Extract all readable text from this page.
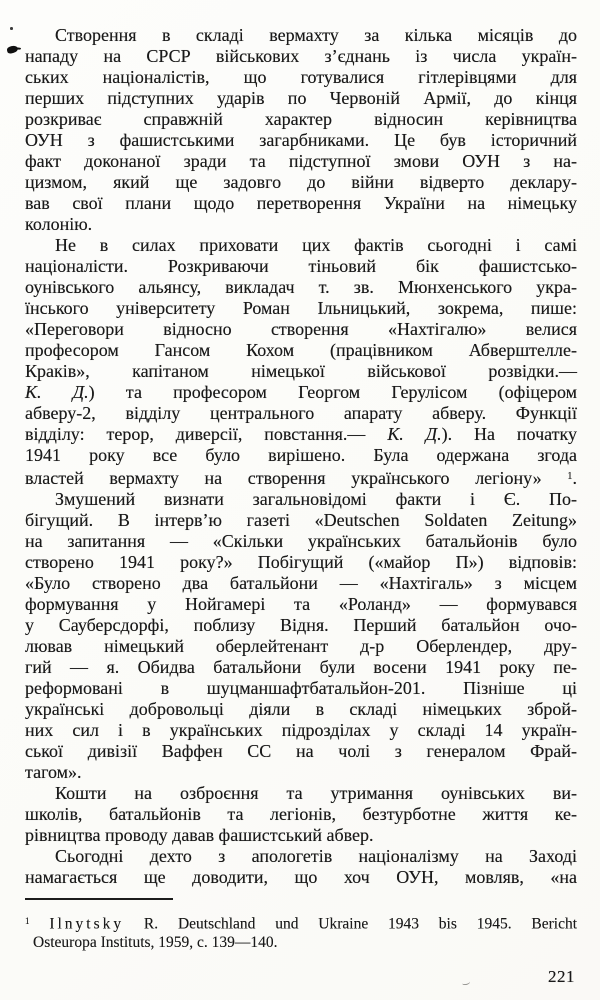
Створення в складі вермахту за кілька місяців до
нападу на СРСР військових з’єднань із числа україн-
ських націоналістів, що готувалися гітлерівцями для
перших підступних ударів по Червоній Армії, до кінця
розкриває справжній характер відносин керівництва
ОУН з фашистськими загарбниками. Це був історичний
факт доконаної зради та підступної змови ОУН з на-
цизмом, який ще задовго до війни відверто деклару-
вав свої плани щодо перетворення України на німецьку
колонію.
Не в силах приховати цих фактів сьогодні і самі
націоналісти. Розкриваючи тіньовий бік фашистсько-
оунівського альянсу, викладач т. зв. Мюнхенського укра-
їнського університету Роман Ільницький, зокрема, пише:
«Переговори відносно створення «Нахтігалю» велися
професором Гансом Кохом (працівником Абверштелле-
Краків», капітаном німецької військової розвідки.—
К. Д.) та професором Георгом Герулісом (офіцером
абверу-2, відділу центрального апарату абверу. Функції
відділу: терор, диверсії, повстання.— К. Д.). На початку
1941 року все було вирішено. Була одержана згода
властей вермахту на створення українського легіону» $^1$.
Змушений визнати загальновідомі факти і Є. По-
бігущий. В інтерв’ю газеті «Deutschen Soldaten Zeitung»
на запитання — «Скільки українських батальйонів було
створено 1941 року?» Побігущий («майор П») відповів:
«Було створено два батальйони — «Нахтігаль» з місцем
формування у Нойгамері та «Роланд» — формувався
у Сауберсдорфі, поблизу Відня. Перший батальйон очо-
лював німецький оберлейтенант д-р Оберлендер, дру-
гий — я. Обидва батальйони були восени 1941 року пе-
реформовані в шуцманшафтбатальйон-201. Пізніше ці
українські добровольці діяли в складі німецьких зброй-
них сил і в українських підрозділах у складі 14 україн-
ської дивізії Ваффен СС на чолі з генералом Фрай-
тагом».
Кошти на озброєння та утримання оунівських ви-
школів, батальйонів та легіонів, безтурботне життя ке-
рівництва проводу давав фашистський абвер.
Сьогодні дехто з апологетів націоналізму на Заході
намагається ще доводити, що хоч ОУН, мовляв, «на
$^1$ Ilnytsky R. Deutschland und Ukraine 1943 bis 1945. Bericht
Osteuropa Instituts, 1959, с. 139—140.
221
